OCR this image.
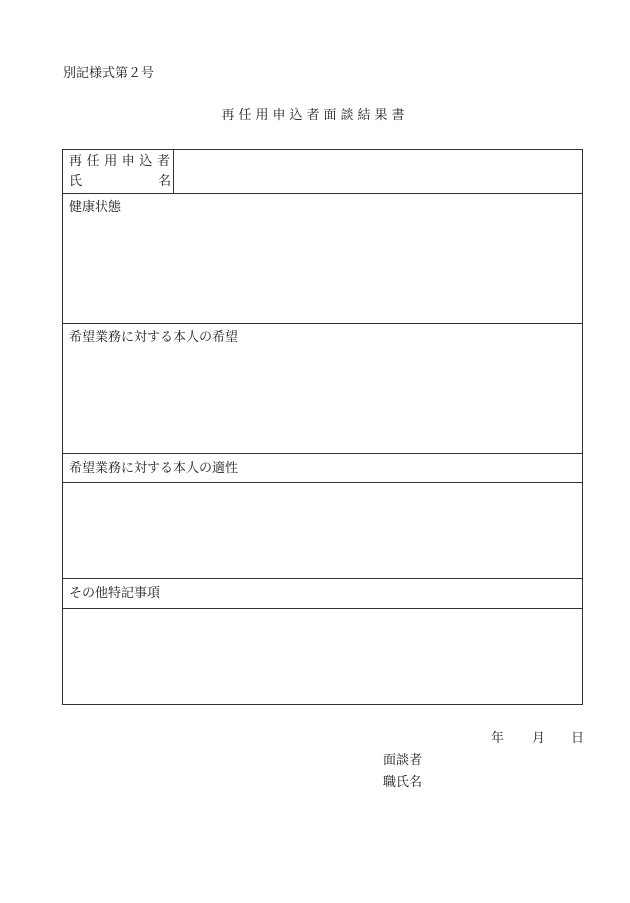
別記様式第２号
再任用申込者面談結果書
再任用申込者
氏	名
健康状態
希望業務に対する本人の希望
希望業務に対する本人の適性
その他特記事項
年 月 日
面談者
職氏名
